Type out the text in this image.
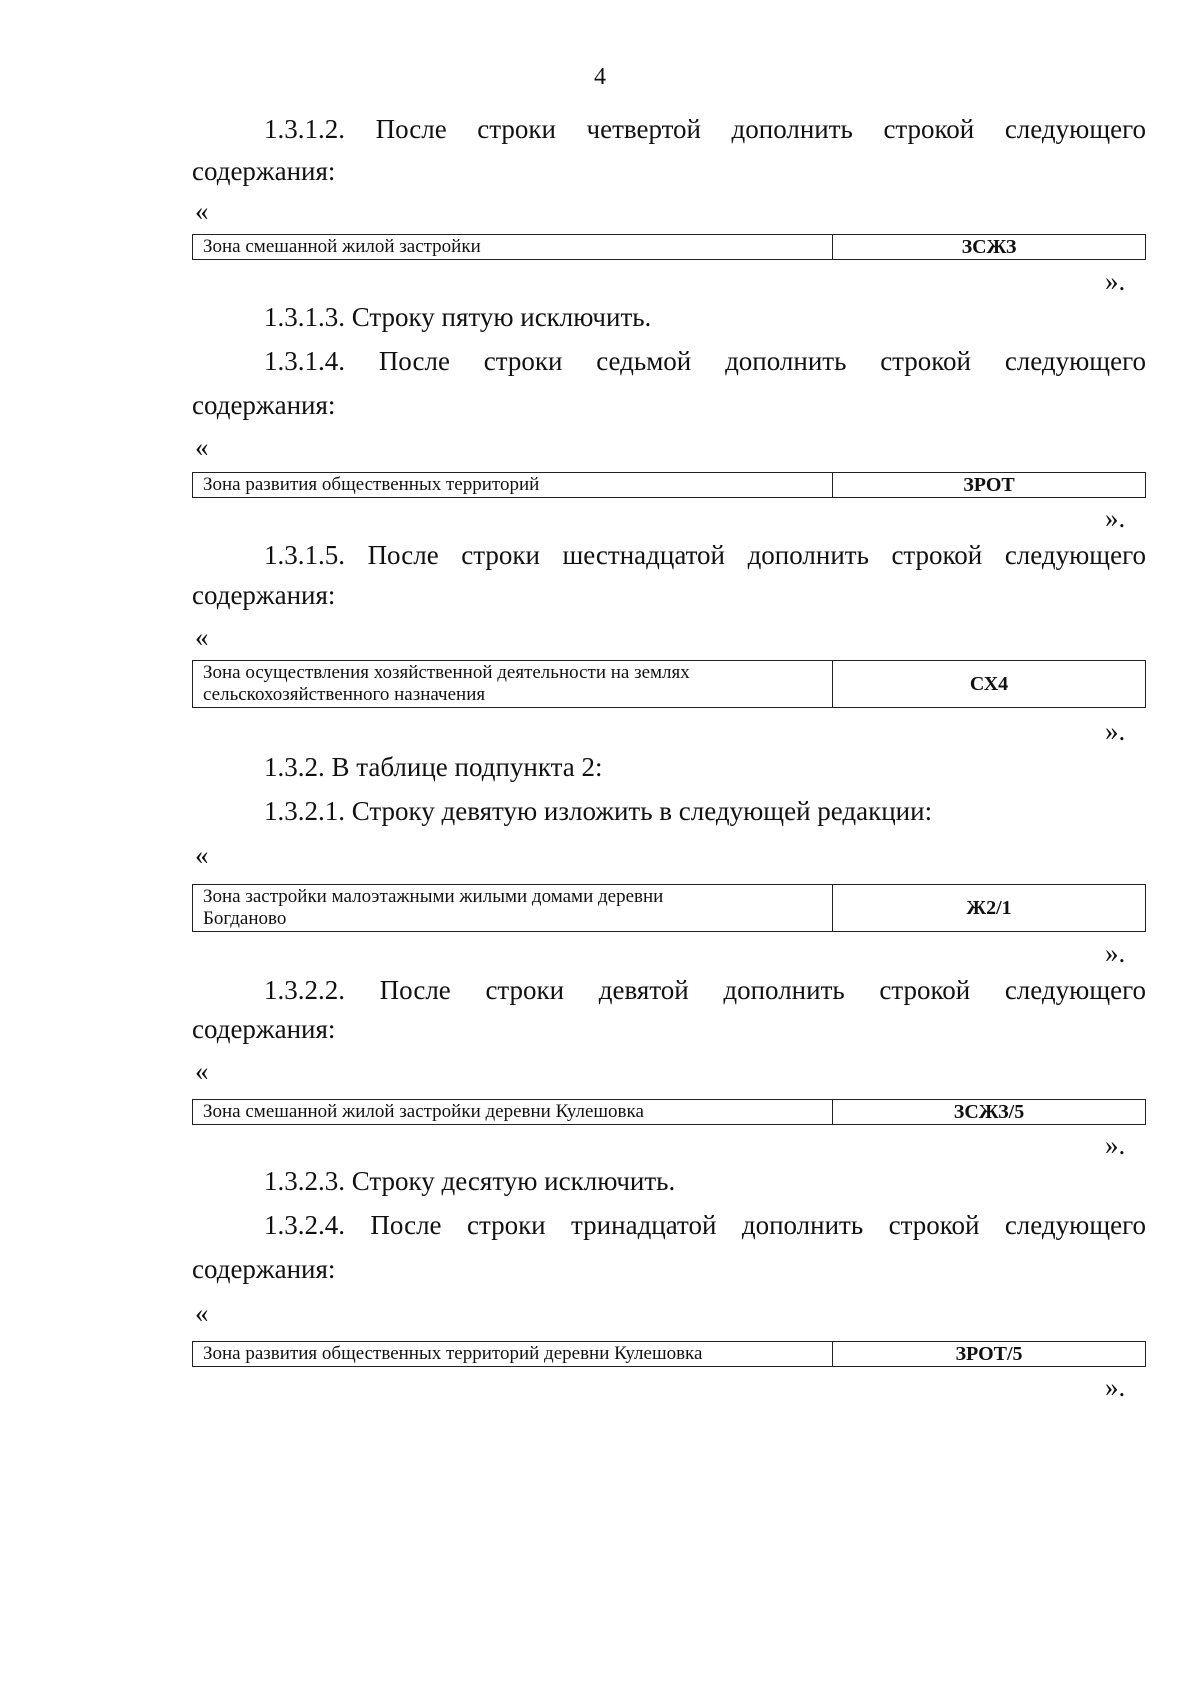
4
1.3.1.2. После строки четвертой дополнить строкой следующего
содержания:
«
Зона смешанной жилой застройки	ЗСЖЗ
».
1.3.1.3. Строку пятую исключить.
1.3.1.4. После строки седьмой дополнить строкой следующего
содержания:
«
Зона развития общественных территорий	ЗРОТ
».
1.3.1.5. После строки шестнадцатой дополнить строкой следующего
содержания:
«
Зона осуществления хозяйственной деятельности на землях
сельскохозяйственного назначения	СХ4
».
1.3.2. В таблице подпункта 2:
1.3.2.1. Строку девятую изложить в следующей редакции:
«
Зона застройки малоэтажными жилыми домами деревни
Богданово	Ж2/1
».
1.3.2.2. После строки девятой дополнить строкой следующего
содержания:
«
Зона смешанной жилой застройки деревни Кулешовка	ЗСЖЗ/5
».
1.3.2.3. Строку десятую исключить.
1.3.2.4. После строки тринадцатой дополнить строкой следующего
содержания:
«
Зона развития общественных территорий деревни Кулешовка	ЗРОТ/5
».
